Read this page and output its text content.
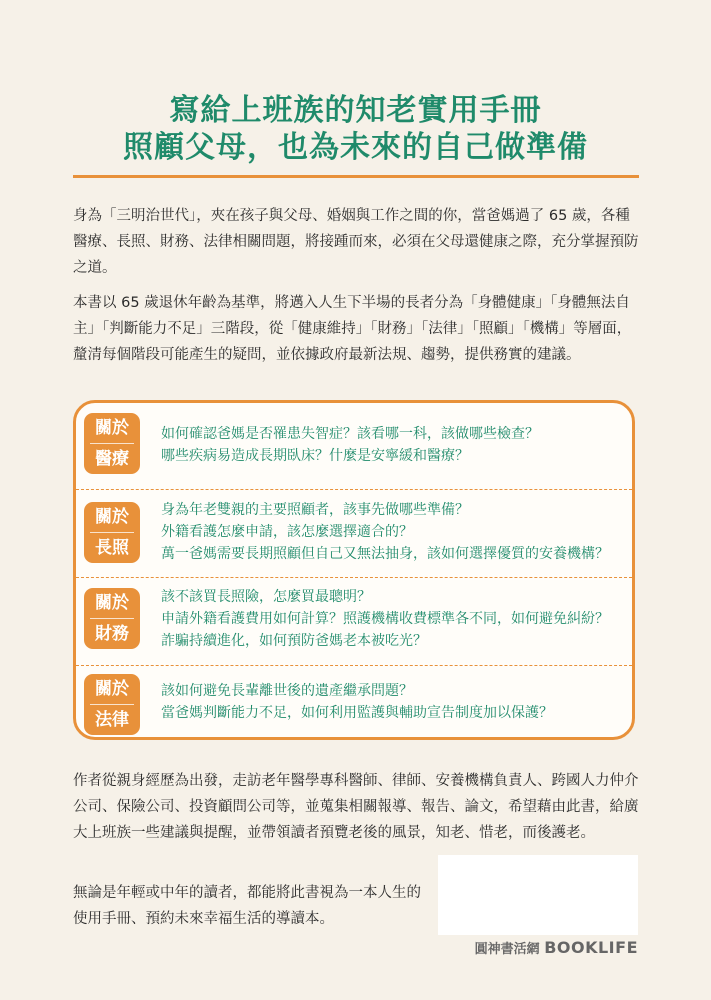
寫給上班族的知老實用手冊
照顧父母，也為未來的自己做準備

身為「三明治世代」，夾在孩子與父母、婚姻與工作之間的你，當爸媽過了 65 歲，各種醫療、長照、財務、法律相關問題，將接踵而來，必須在父母還健康之際，充分掌握預防之道。

本書以 65 歲退休年齡為基準，將邁入人生下半場的長者分為「身體健康」「身體無法自主」「判斷能力不足」三階段，從「健康維持」「財務」「法律」「照顧」「機構」等層面，釐清每個階段可能產生的疑問，並依據政府最新法規、趨勢，提供務實的建議。

關於
醫療
如何確認爸媽是否罹患失智症？該看哪一科，該做哪些檢查？
哪些疾病易造成長期臥床？什麼是安寧緩和醫療？
關於
長照
身為年老雙親的主要照顧者，該事先做哪些準備？
外籍看護怎麼申請，該怎麼選擇適合的？
萬一爸媽需要長期照顧但自己又無法抽身，該如何選擇優質的安養機構？
關於
財務
該不該買長照險，怎麼買最聰明？
申請外籍看護費用如何計算？照護機構收費標準各不同，如何避免糾紛？
詐騙持續進化，如何預防爸媽老本被吃光？
關於
法律
該如何避免長輩離世後的遺產繼承問題？
當爸媽判斷能力不足，如何利用監護與輔助宣告制度加以保護？

作者從親身經歷為出發，走訪老年醫學專科醫師、律師、安養機構負責人、跨國人力仲介公司、保險公司、投資顧問公司等，並蒐集相關報導、報告、論文，希望藉由此書，給廣大上班族一些建議與提醒，並帶領讀者預覽老後的風景，知老、惜老，而後護老。

無論是年輕或中年的讀者，都能將此書視為一本人生的使用手冊、預約未來幸福生活的導讀本。

圓神書活網 BOOKLIFE
